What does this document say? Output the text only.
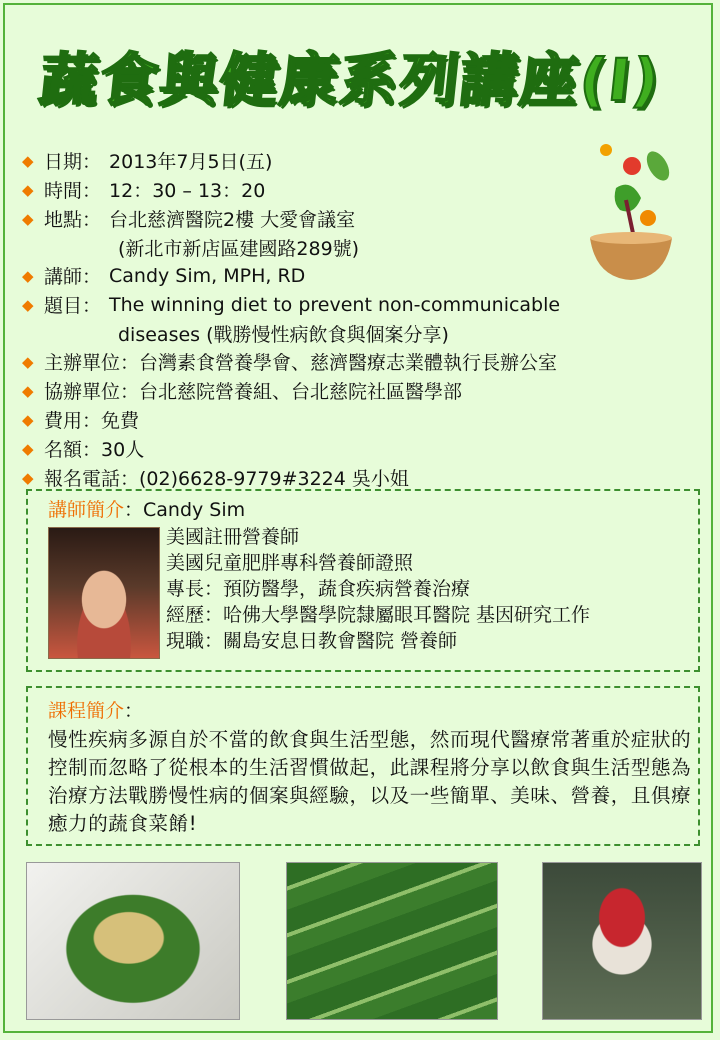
蔬食與健康系列講座(I)
◆ 日期： 2013年7月5日(五)
◆ 時間： 12：30 – 13：20
◆ 地點： 台北慈濟醫院2樓 大愛會議室
(新北市新店區建國路289號)
◆ 講師： Candy Sim, MPH, RD
◆ 題目： The winning diet to prevent non-communicable
diseases (戰勝慢性病飲食與個案分享)
◆ 主辦單位： 台灣素食營養學會、慈濟醫療志業體執行長辦公室
◆ 協辦單位： 台北慈院營養組、台北慈院社區醫學部
◆ 費用： 免費
◆ 名額： 30人
◆ 報名電話： (02)6628-9779#3224 吳小姐
講師簡介：Candy Sim
美國註冊營養師
美國兒童肥胖專科營養師證照
專長：預防醫學，蔬食疾病營養治療
經歷：哈佛大學醫學院隸屬眼耳醫院 基因研究工作
現職：關島安息日教會醫院 營養師
課程簡介：
慢性疾病多源自於不當的飲食與生活型態，然而現代醫療常著重於症狀的控制而忽略了從根本的生活習慣做起，此課程將分享以飲食與生活型態為治療方法戰勝慢性病的個案與經驗，以及一些簡單、美味、營養，且俱療癒力的蔬食菜餚!
